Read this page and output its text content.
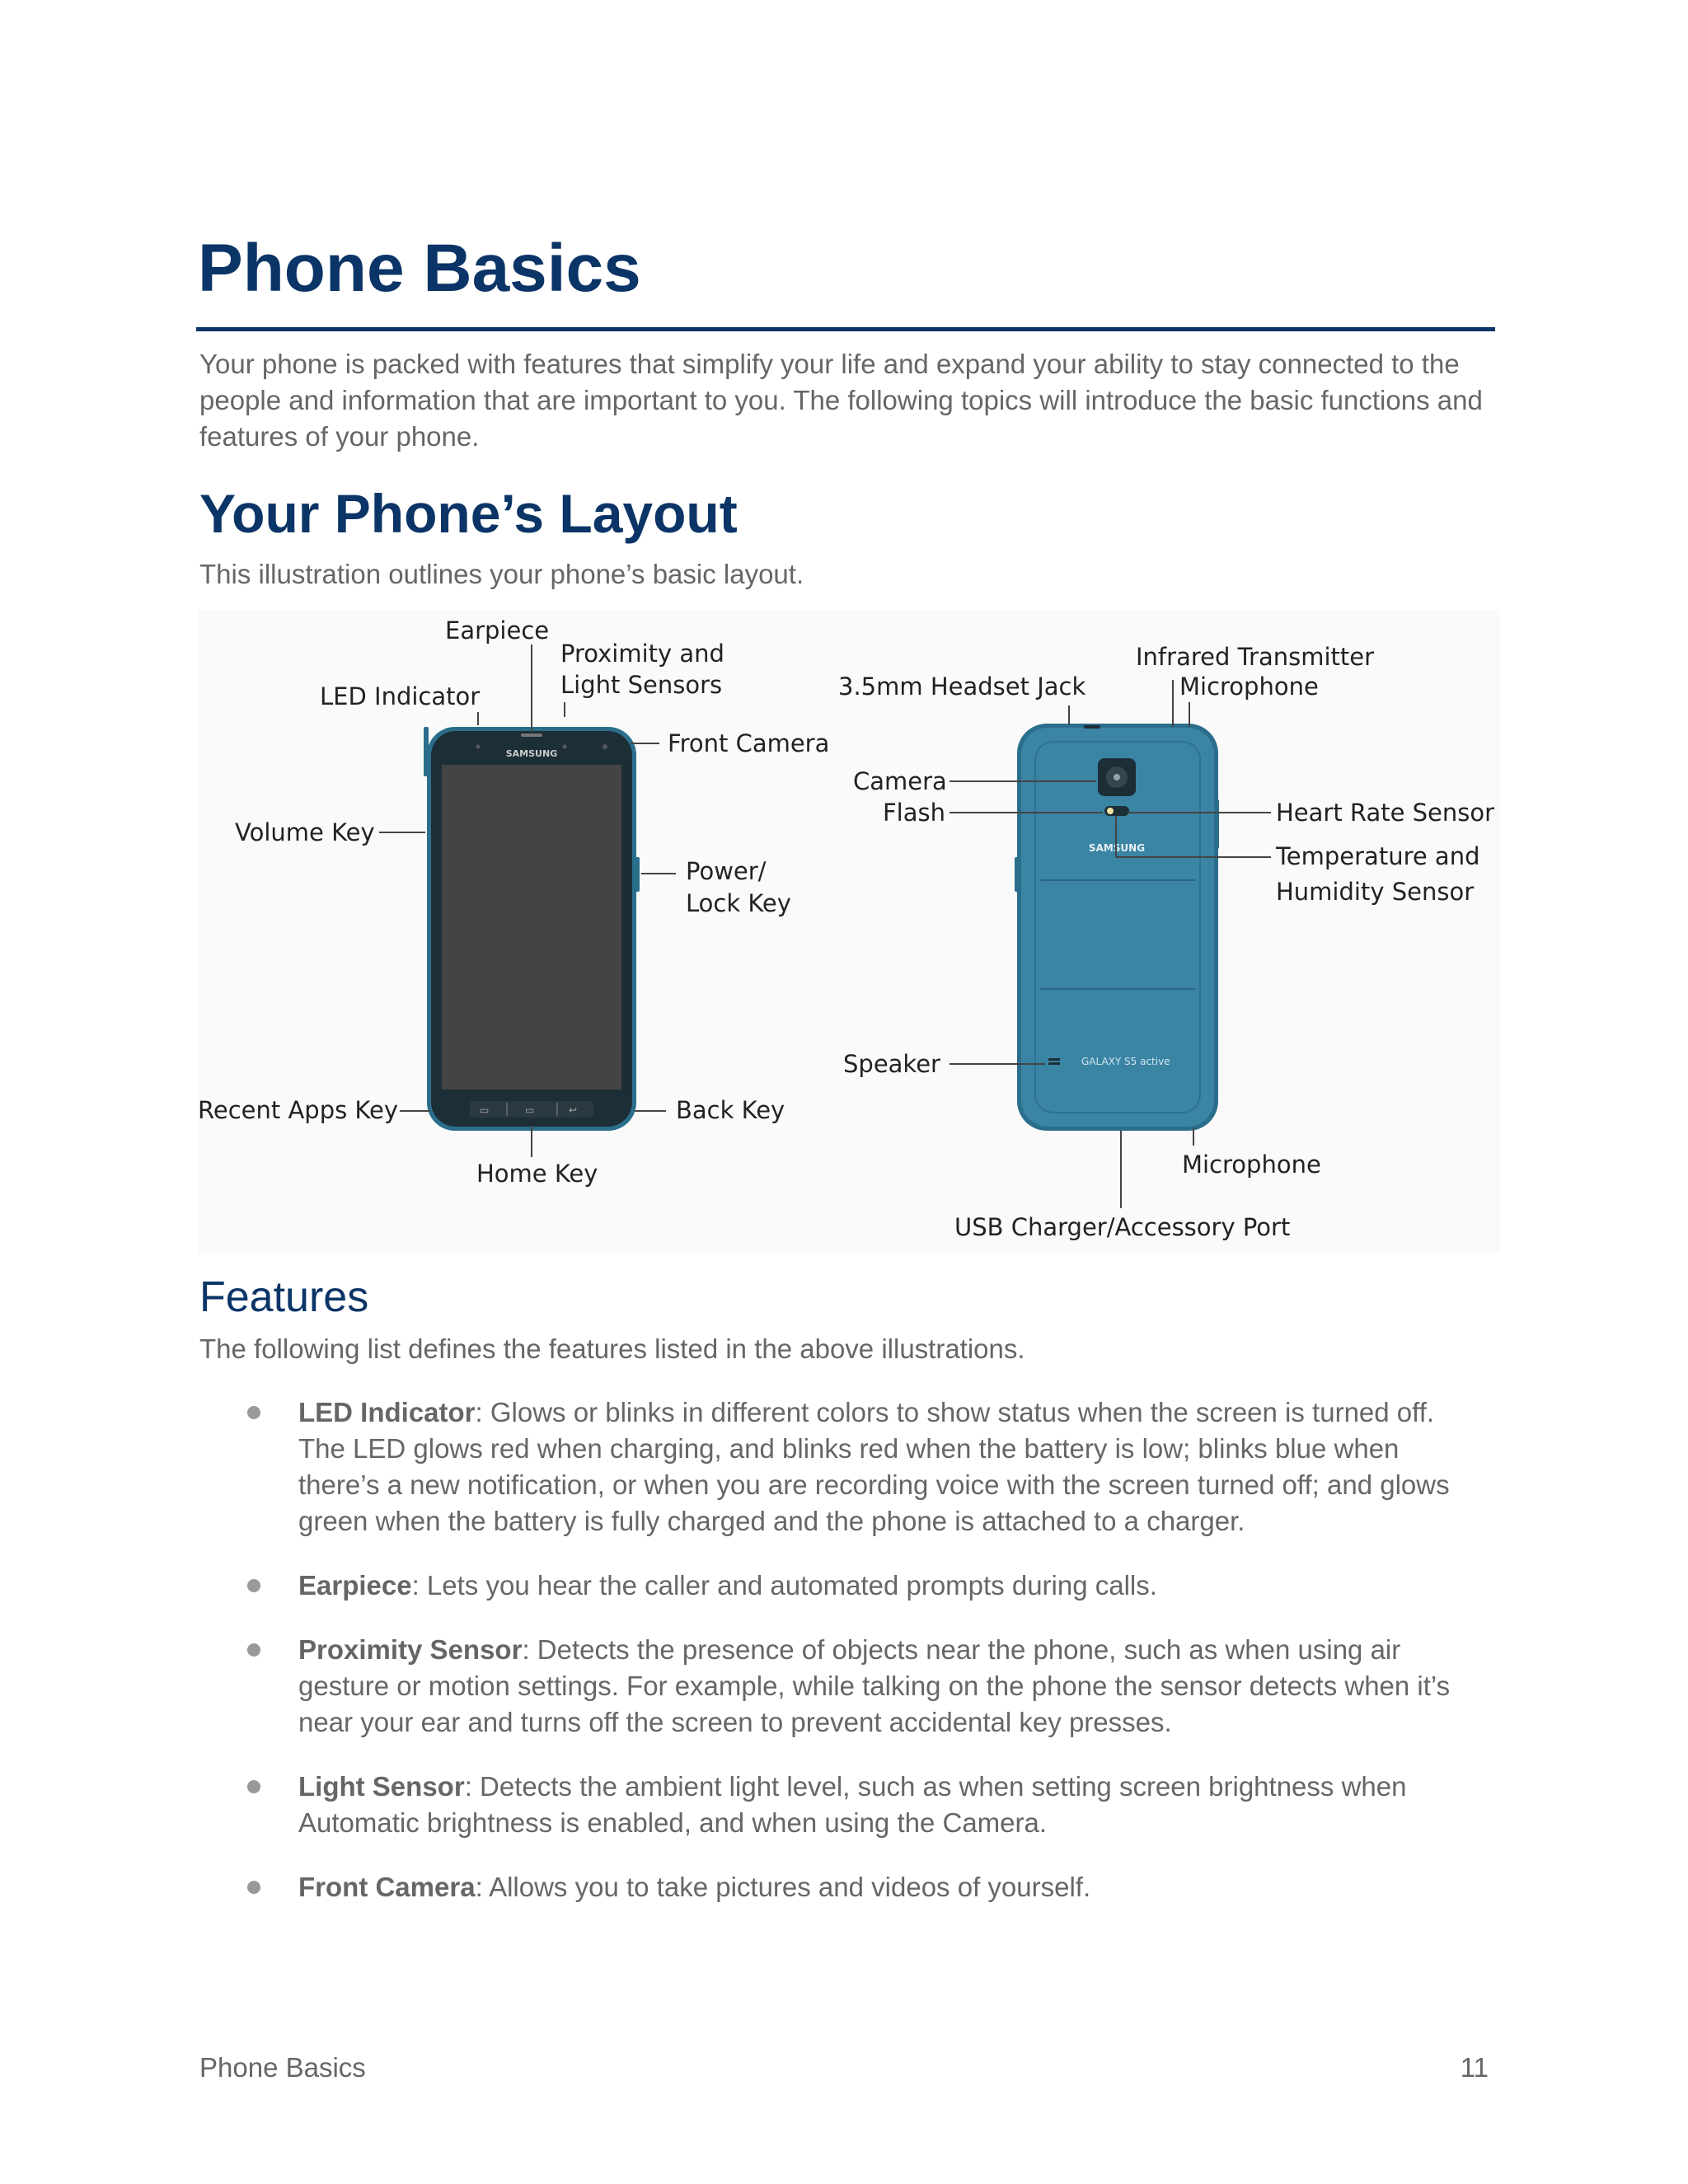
Phone Basics
Your phone is packed with features that simplify your life and expand your ability to stay connected to the people and information that are important to you. The following topics will introduce the basic functions and features of your phone.
Your Phone’s Layout
This illustration outlines your phone’s basic layout.
SAMSUNG
▭	▭	↩
Earpiece
Proximity and
Light Sensors
LED Indicator
Front Camera
Volume Key
Power/
Lock Key
Recent Apps Key	Back Key
Home Key
SAMSUNG
GALAXY S5 active
3.5mm Headset Jack
Infrared Transmitter
Microphone
Camera
Flash	Heart Rate Sensor
Temperature and
Humidity Sensor
Speaker
Microphone
USB Charger/Accessory Port
Features
The following list defines the features listed in the above illustrations.
LED Indicator: Glows or blinks in different colors to show status when the screen is turned off. The LED glows red when charging, and blinks red when the battery is low; blinks blue when there’s a new notification, or when you are recording voice with the screen turned off; and glows green when the battery is fully charged and the phone is attached to a charger.
Earpiece: Lets you hear the caller and automated prompts during calls.
Proximity Sensor: Detects the presence of objects near the phone, such as when using air gesture or motion settings. For example, while talking on the phone the sensor detects when it’s near your ear and turns off the screen to prevent accidental key presses.
Light Sensor: Detects the ambient light level, such as when setting screen brightness when Automatic brightness is enabled, and when using the Camera.
Front Camera: Allows you to take pictures and videos of yourself.
Phone Basics	11
